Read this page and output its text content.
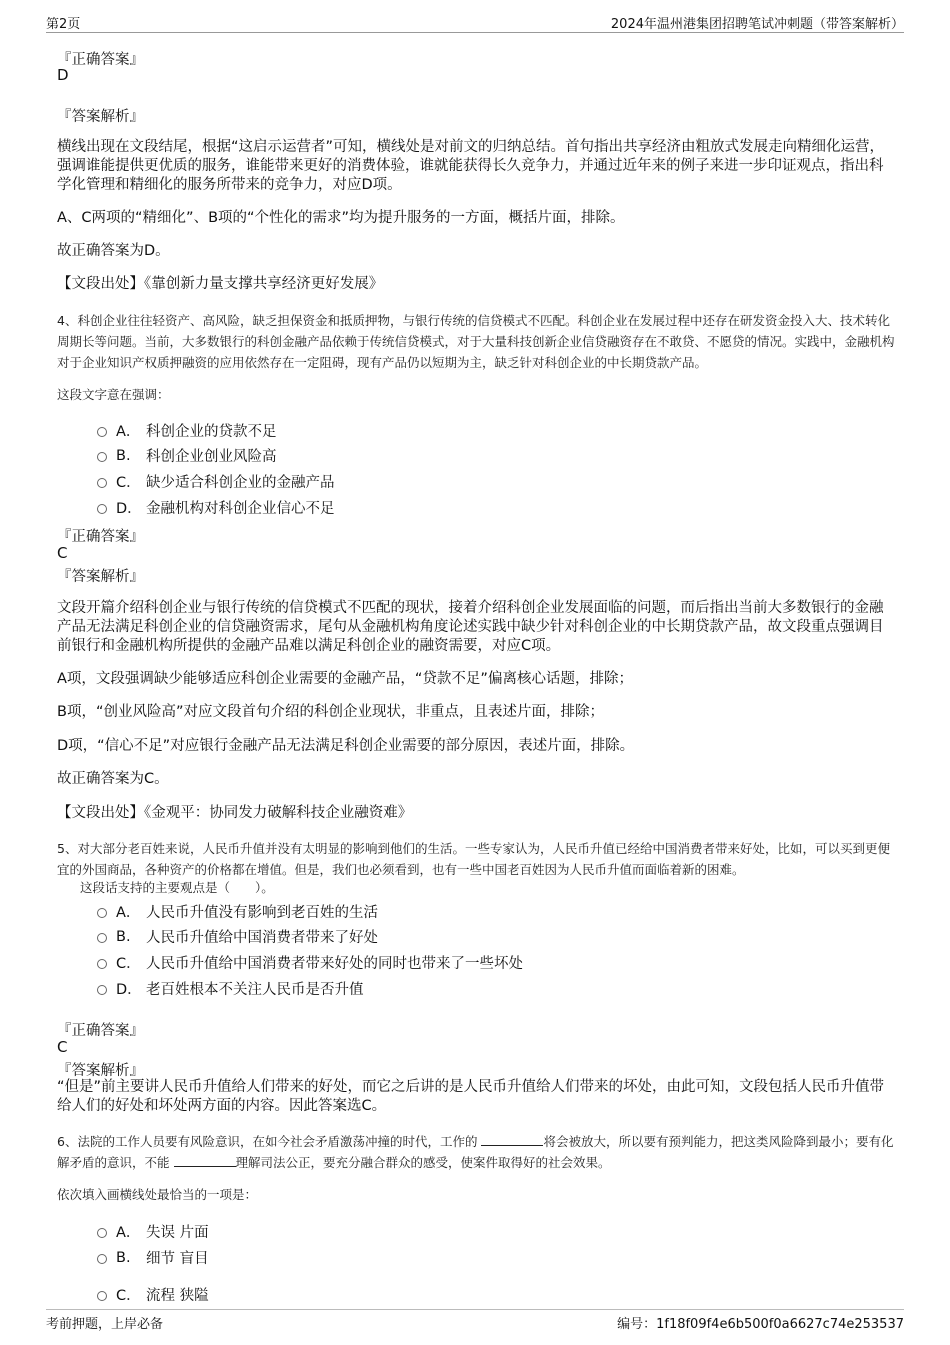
第2页	2024年温州港集团招聘笔试冲刺题（带答案解析）
『正确答案』
D
『答案解析』
横线出现在文段结尾，根据“这启示运营者”可知，横线处是对前文的归纳总结。首句指出共享经济由粗放式发展走向精细化运营，强调谁能提供更优质的服务，谁能带来更好的消费体验，谁就能获得长久竞争力，并通过近年来的例子来进一步印证观点，指出科学化管理和精细化的服务所带来的竞争力，对应D项。
A、C两项的“精细化”、B项的“个性化的需求”均为提升服务的一方面，概括片面，排除。
故正确答案为D。
【文段出处】《靠创新力量支撑共享经济更好发展》
4、科创企业往往轻资产、高风险，缺乏担保资金和抵质押物，与银行传统的信贷模式不匹配。科创企业在发展过程中还存在研发资金投入大、技术转化周期长等问题。当前，大多数银行的科创金融产品依赖于传统信贷模式，对于大量科技创新企业信贷融资存在不敢贷、不愿贷的情况。实践中，金融机构对于企业知识产权质押融资的应用依然存在一定阻碍，现有产品仍以短期为主，缺乏针对科创企业的中长期贷款产品。
这段文字意在强调：
A． 科创企业的贷款不足
B.	科创企业创业风险高
C． 缺少适合科创企业的金融产品
D． 金融机构对科创企业信心不足
『正确答案』
C
『答案解析』
文段开篇介绍科创企业与银行传统的信贷模式不匹配的现状，接着介绍科创企业发展面临的问题，而后指出当前大多数银行的金融产品无法满足科创企业的信贷融资需求，尾句从金融机构角度论述实践中缺少针对科创企业的中长期贷款产品，故文段重点强调目前银行和金融机构所提供的金融产品难以满足科创企业的融资需要，对应C项。
A项，文段强调缺少能够适应科创企业需要的金融产品，“贷款不足”偏离核心话题，排除；
B项，“创业风险高”对应文段首句介绍的科创企业现状，非重点，且表述片面，排除；
D项，“信心不足”对应银行金融产品无法满足科创企业需要的部分原因，表述片面，排除。
故正确答案为C。
【文段出处】《金观平：协同发力破解科技企业融资难》
5、对大部分老百姓来说，人民币升值并没有太明显的影响到他们的生活。一些专家认为，人民币升值已经给中国消费者带来好处，比如，可以买到更便宜的外国商品，各种资产的价格都在增值。但是，我们也必须看到，也有一些中国老百姓因为人民币升值而面临着新的困难。
这段话支持的主要观点是（　　）。
A． 人民币升值没有影响到老百姓的生活
B.	人民币升值给中国消费者带来了好处
C． 人民币升值给中国消费者带来好处的同时也带来了一些坏处
D． 老百姓根本不关注人民币是否升值
『正确答案』
C
『答案解析』
“但是”前主要讲人民币升值给人们带来的好处，而它之后讲的是人民币升值给人们带来的坏处，由此可知，文段包括人民币升值带给人们的好处和坏处两方面的内容。因此答案选C。
6、法院的工作人员要有风险意识，在如今社会矛盾激荡冲撞的时代，工作的	将会被放大，所以要有预判能力，把这类风险降到最小；要有化解矛盾的意识，不能	理解司法公正，要充分融合群众的感受，使案件取得好的社会效果。
依次填入画横线处最恰当的一项是：
A． 失误 片面
B.	细节 盲目
C． 流程 狭隘
考前押题，上岸必备	编号：1f18f09f4e6b500f0a6627c74e253537
